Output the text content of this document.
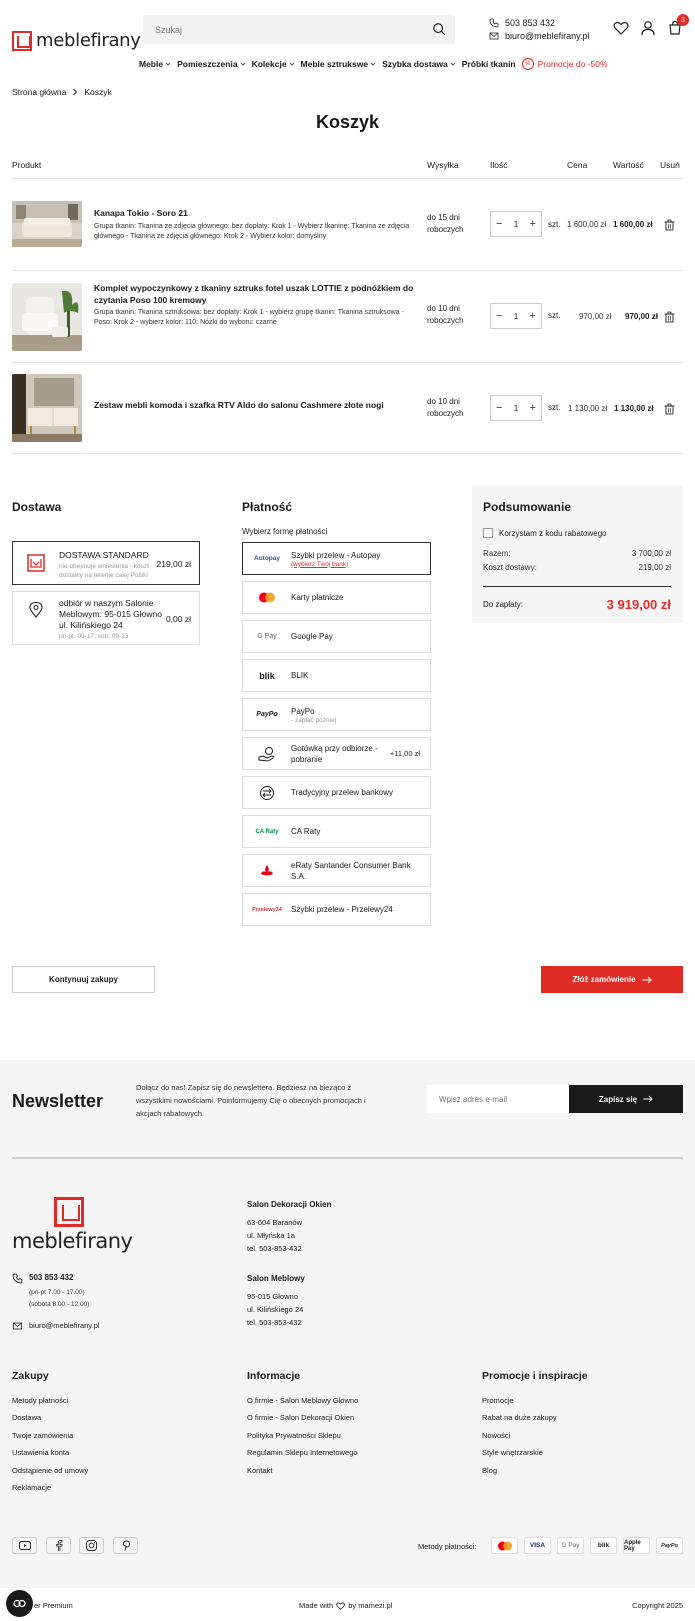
meblefirany
Szukaj
503 853 432
biuro@meblefirany.pl
3
Meble Pomieszczenia Kolekcje Meble sztrukswe Szybka dostawa Próbki tkanin	% Promocje do -50%
Strona główna Koszyk
Koszyk
Produkt	Wysyłka	Ilość	Cena	Wartość Usuń
Kanapa Tokio - Soro 21
Grupa tkanin: Tkanina ze zdjęcia głównego: bez dopłaty: Krok 1 - Wybierz tkaninę: Tkanina ze zdjęcia głównego - Tkanina ze zdjęcia głównego: Krok 2 - Wybierz kolor: domyślny
do 15 dni roboczych	− 1 + szt. 1 600,00 zł 1 600,00 zł
Komplet wypoczynkowy z tkaniny sztruks fotel uszak LOTTIE z podnóżkiem do czytania Poso 100 kremowy
Grupa tkanin: Tkanina sztruksowa: bez dopłaty: Krok 1 - wybierz grupę tkanin: Tkanina sztruksowa - Poso: Krok 2 - wybierz kolor: 110: Nóżki do wyboru: czarne
do 10 dni roboczych	− 1 + szt. 970,00 zł 970,00 zł
Zestaw mebli komoda i szafka RTV Aldo do salonu Cashmere złote nogi	do 10 dni roboczych	− 1 + szt. 1 130,00 zł 1 130,00 zł
Dostawa
DOSTAWA STANDARD
nie obejmuje wniesienia - koszt dostawy na terenie całej Polski
219,00 zł
odbiór w naszym Salonie Meblowym: 95-015 Głowno ul. Kilińskiego 24
pn-pt. 09-17, sob. 09-13
0,00 zł
Płatność
Wybierz formę płatności
Autopay Szybki przelew - Autopay
(wybierz Twój bank)
Karty płatnicze
G Pay Google Pay
blik BLIK
PayPo PayPo
- zapłać później
Gotówką przy odbiorze - pobranie
+11,00 zł
Tradycyjny przelew bankowy
CA Raty CA Raty
eRaty Santander Consumer Bank S.A.
Przelewy24 Szybki przelew - Przelewy24
Podsumowanie
Korzystam z kodu rabatowego
Razem:	3 700,00 zł
Koszt dostawy:	219,00 zł
Do zapłaty:	3 919,00 zł
Kontynuuj zakupy	Złóż zamówienie
Newsletter
Dołącz do nas! Zapisz się do newslettera. Będziesz na bieżąco z wszystkimi nowościami. Poinformujemy Cię o obecnych promocjach i akcjach rabatowych.
Wpisz adres e-mail
Zapisz się
meblefirany
503 853 432
(pn-pt 7.00 - 17.00)
(sobota 8.00 - 12.00)
biuro@meblefirany.pl
Salon Dekoracji Okien
63-604 Baranów
ul. Młyńska 1a
tel. 503-853-432
Salon Meblowy
95-015 Głowno
ul. Kilińskiego 24
tel. 503-853-432
Zakupy
Metody płatności
Dostawa
Twoje zamówienia
Ustawienia konta
Odstąpienie od umowy
Reklamacje
Informacje
O firmie - Salon Meblowy Głowno
O firmie - Salon Dekoracji Okien
Polityka Prywatności Sklepu
Regulamin Sklepu Internetowego
Kontakt
Promocje i inspiracje
Promocje
Rabat na duże zakupy
Nowości
Style wnętrzarskie
Blog
Metody płatności:	VISA	G Pay	blik	Apple Pay	PayPo
er Premium	Made with by mamezi.pl	Copyright 2025
